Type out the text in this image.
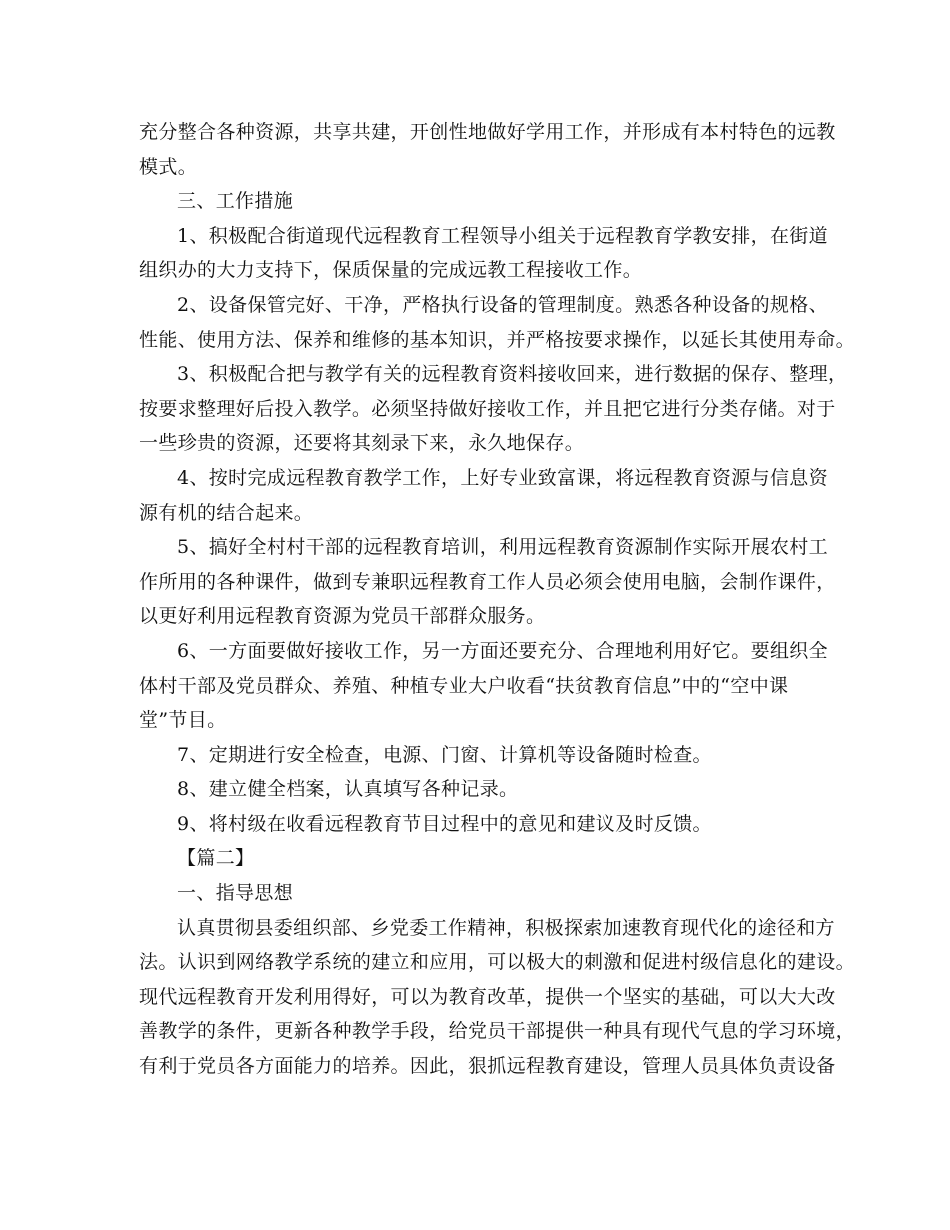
充分整合各种资源，共享共建，开创性地做好学用工作，并形成有本村特色的远教
模式。
三、工作措施
1、积极配合街道现代远程教育工程领导小组关于远程教育学教安排，在街道
组织办的大力支持下，保质保量的完成远教工程接收工作。
2、设备保管完好、干净，严格执行设备的管理制度。熟悉各种设备的规格、
性能、使用方法、保养和维修的基本知识，并严格按要求操作，以延长其使用寿命。
3、积极配合把与教学有关的远程教育资料接收回来，进行数据的保存、整理，
按要求整理好后投入教学。必须坚持做好接收工作，并且把它进行分类存储。对于
一些珍贵的资源，还要将其刻录下来，永久地保存。
4、按时完成远程教育教学工作，上好专业致富课，将远程教育资源与信息资
源有机的结合起来。
5、搞好全村村干部的远程教育培训，利用远程教育资源制作实际开展农村工
作所用的各种课件，做到专兼职远程教育工作人员必须会使用电脑，会制作课件，
以更好利用远程教育资源为党员干部群众服务。
6、一方面要做好接收工作，另一方面还要充分、合理地利用好它。要组织全
体村干部及党员群众、养殖、种植专业大户收看“扶贫教育信息”中的“空中课
堂”节目。
7、定期进行安全检查，电源、门窗、计算机等设备随时检查。
8、建立健全档案，认真填写各种记录。
9、将村级在收看远程教育节目过程中的意见和建议及时反馈。
【篇二】
一、指导思想
认真贯彻县委组织部、乡党委工作精神，积极探索加速教育现代化的途径和方
法。认识到网络教学系统的建立和应用，可以极大的刺激和促进村级信息化的建设。
现代远程教育开发利用得好，可以为教育改革，提供一个坚实的基础，可以大大改
善教学的条件，更新各种教学手段，给党员干部提供一种具有现代气息的学习环境，
有利于党员各方面能力的培养。因此，狠抓远程教育建设，管理人员具体负责设备
